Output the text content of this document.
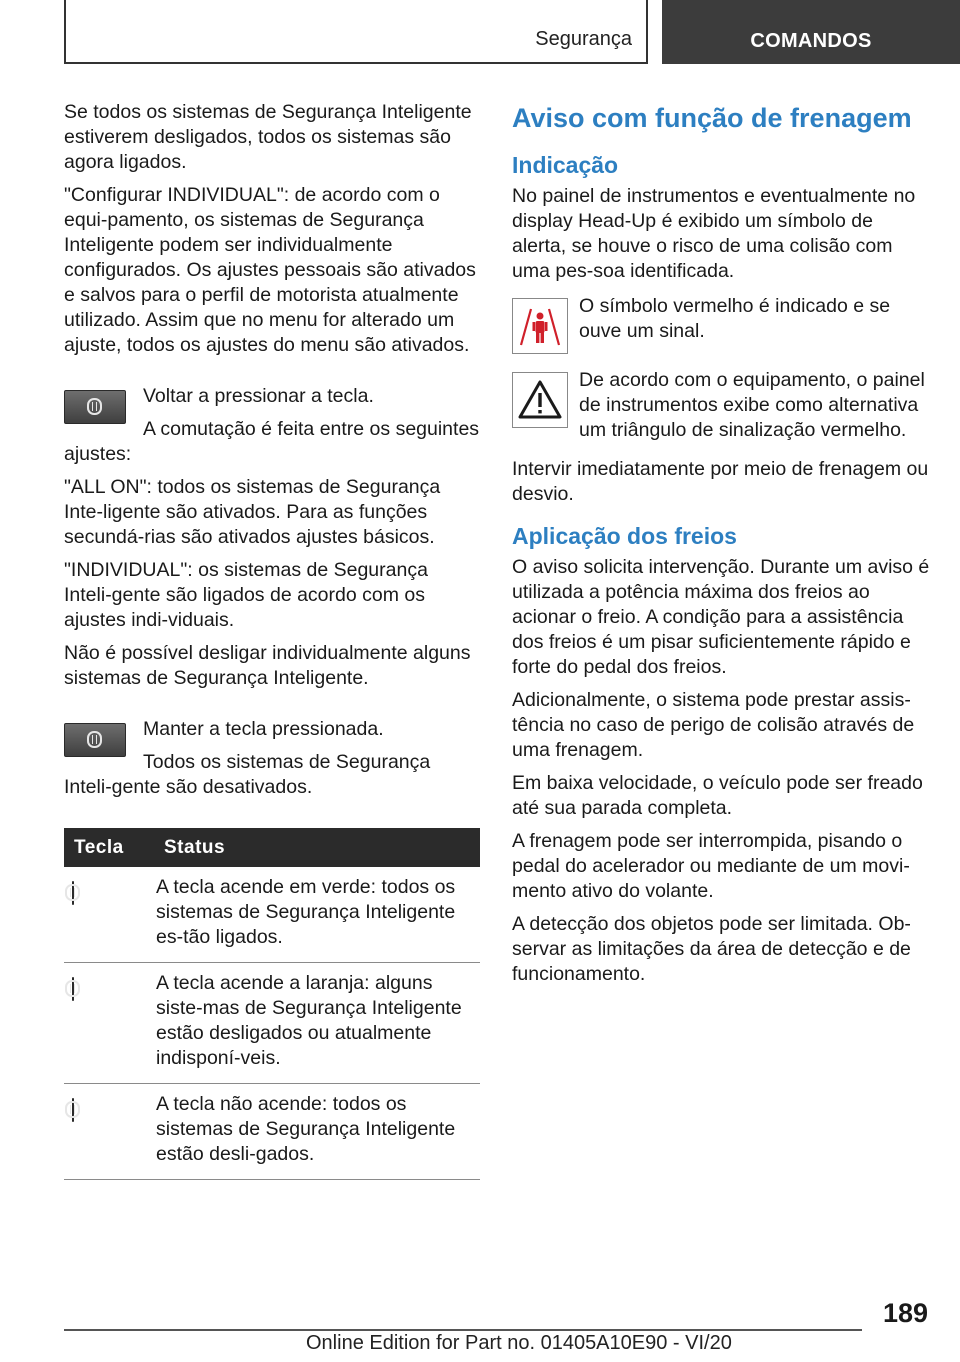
Segurança	COMANDOS

Se todos os sistemas de Segurança Inteligente estiverem desligados, todos os sistemas são agora ligados.

"Configurar INDIVIDUAL": de acordo com o equi-pamento, os sistemas de Segurança Inteligente podem ser individualmente configurados. Os ajustes pessoais são ativados e salvos para o perfil de motorista atualmente utilizado. Assim que no menu for alterado um ajuste, todos os ajustes do menu são ativados.

Voltar a pressionar a tecla.

A comutação é feita entre os seguintes ajustes:

"ALL ON": todos os sistemas de Segurança Inte-ligente são ativados. Para as funções secundá-rias são ativados ajustes básicos.

"INDIVIDUAL": os sistemas de Segurança Inteli-gente são ligados de acordo com os ajustes indi-viduais.

Não é possível desligar individualmente alguns sistemas de Segurança Inteligente.

Manter a tecla pressionada.

Todos os sistemas de Segurança Inteli-gente são desativados.

Tecla	Status

	A tecla acende em verde: todos os sistemas de Segurança Inteligente es-tão ligados.

	A tecla acende a laranja: alguns siste-mas de Segurança Inteligente estão desligados ou atualmente indisponí-veis.

	A tecla não acende: todos os sistemas de Segurança Inteligente estão desli-gados.
Aviso com função de frenagem
Indicação

No painel de instrumentos e eventualmente no display Head-Up é exibido um símbolo de alerta, se houve o risco de uma colisão com uma pes-soa identificada.

O símbolo vermelho é indicado e se ouve um sinal.

De acordo com o equipamento, o painel de instrumentos exibe como alternativa um triângulo de sinalização vermelho.

Intervir imediatamente por meio de frenagem ou desvio.

Aplicação dos freios

O aviso solicita intervenção. Durante um aviso é utilizada a potência máxima dos freios ao acionar o freio. A condição para a assistência dos freios é um pisar suficientemente rápido e forte do pedal dos freios.

Adicionalmente, o sistema pode prestar assis-tência no caso de perigo de colisão através de uma frenagem.

Em baixa velocidade, o veículo pode ser freado até sua parada completa.

A frenagem pode ser interrompida, pisando o pedal do acelerador ou mediante de um movi-mento ativo do volante.

A detecção dos objetos pode ser limitada. Ob-servar as limitações da área de detecção e de funcionamento.

189
Online Edition for Part no. 01405A10E90 - VI/20
